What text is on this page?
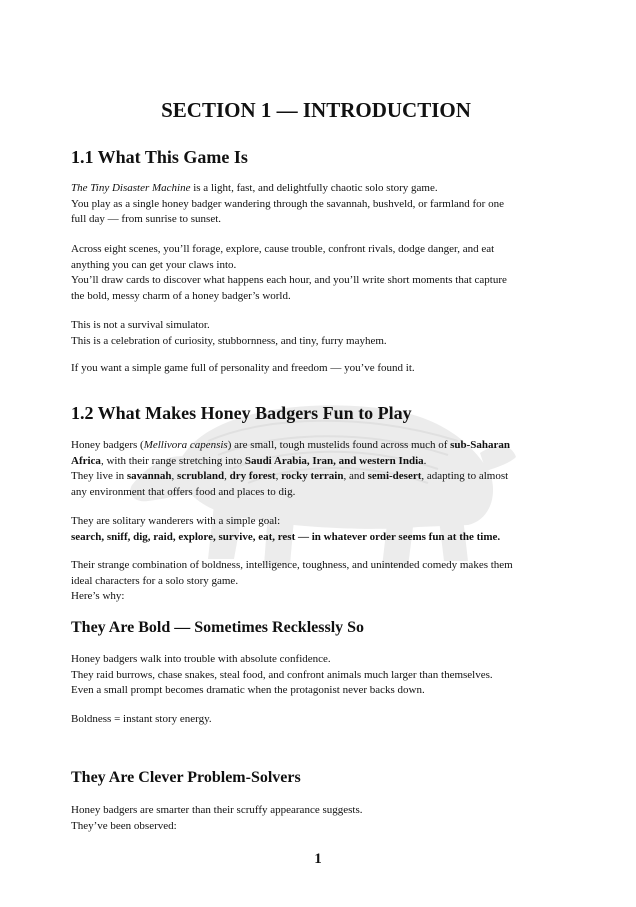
SECTION 1 — INTRODUCTION
1.1 What This Game Is

The Tiny Disaster Machine is a light, fast, and delightfully chaotic solo story game.
You play as a single honey badger wandering through the savannah, bushveld, or farmland for one
full day — from sunrise to sunset.

Across eight scenes, you’ll forage, explore, cause trouble, confront rivals, dodge danger, and eat
anything you can get your claws into.
You’ll draw cards to discover what happens each hour, and you’ll write short moments that capture
the bold, messy charm of a honey badger’s world.

This is not a survival simulator.
This is a celebration of curiosity, stubbornness, and tiny, furry mayhem.

If you want a simple game full of personality and freedom — you’ve found it.

1.2 What Makes Honey Badgers Fun to Play

Honey badgers (Mellivora capensis) are small, tough mustelids found across much of sub-Saharan
Africa, with their range stretching into Saudi Arabia, Iran, and western India.
They live in savannah, scrubland, dry forest, rocky terrain, and semi-desert, adapting to almost
any environment that offers food and places to dig.

They are solitary wanderers with a simple goal:
search, sniff, dig, raid, explore, survive, eat, rest — in whatever order seems fun at the time.

Their strange combination of boldness, intelligence, toughness, and unintended comedy makes them
ideal characters for a solo story game.
Here’s why:

They Are Bold — Sometimes Recklessly So

Honey badgers walk into trouble with absolute confidence.
They raid burrows, chase snakes, steal food, and confront animals much larger than themselves.
Even a small prompt becomes dramatic when the protagonist never backs down.

Boldness = instant story energy.

They Are Clever Problem-Solvers

Honey badgers are smarter than their scruffy appearance suggests.
They’ve been observed:

1
